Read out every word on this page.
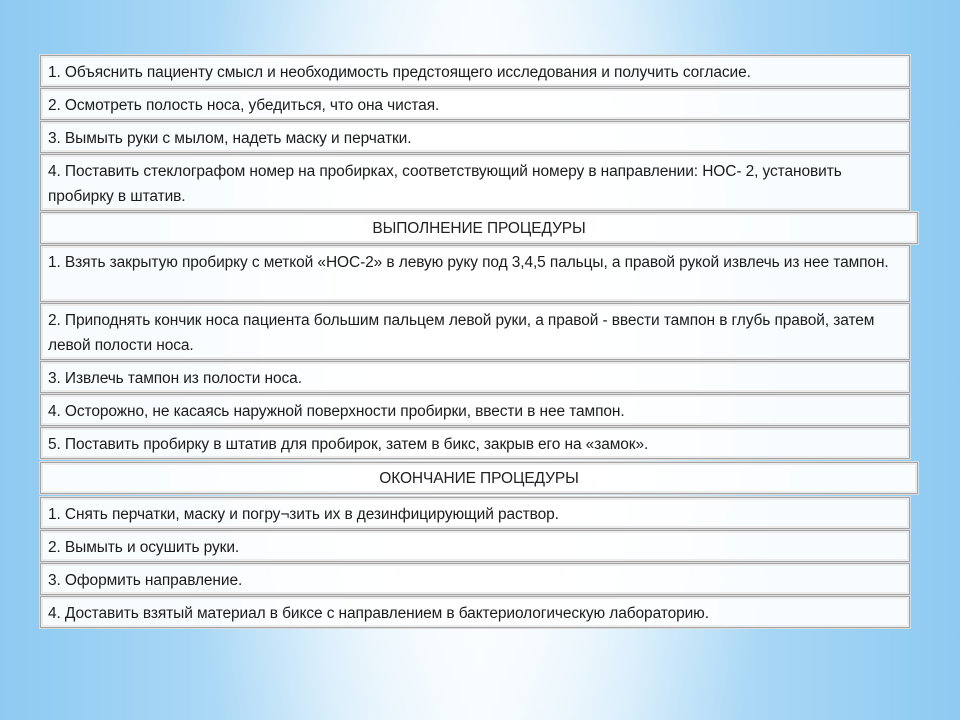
1. Объяснить пациенту смысл и необходимость предстоящего исследования и получить согласие.
2. Осмотреть полость носа, убедиться, что она чистая.
3. Вымыть руки с мылом, надеть маску и перчатки.
4. Поставить стеклографом номер на пробирках, соответствующий номеру в направлении: НОС- 2, установить пробирку в штатив.
ВЫПОЛНЕНИЕ ПРОЦЕДУРЫ
1. Взять закрытую пробирку с меткой «НОС-2» в левую руку под 3,4,5 пальцы, а правой рукой извлечь из нее тампон.
2. Приподнять кончик носа пациента большим пальцем левой руки, а правой - ввести тампон в глубь правой, затем левой полости носа.
3. Извлечь тампон из полости носа.
4. Осторожно, не касаясь наружной поверхности пробирки, ввести в нее тампон.
5. Поставить пробирку в штатив для пробирок, затем в бикс, закрыв его на «замок».
ОКОНЧАНИЕ ПРОЦЕДУРЫ
1. Снять перчатки, маску и погру¬зить их в дезинфицирующий раствор.
2. Вымыть и осушить руки.
3. Оформить направление.
4. Доставить взятый материал в биксе с направлением в бактериологическую лабораторию.
